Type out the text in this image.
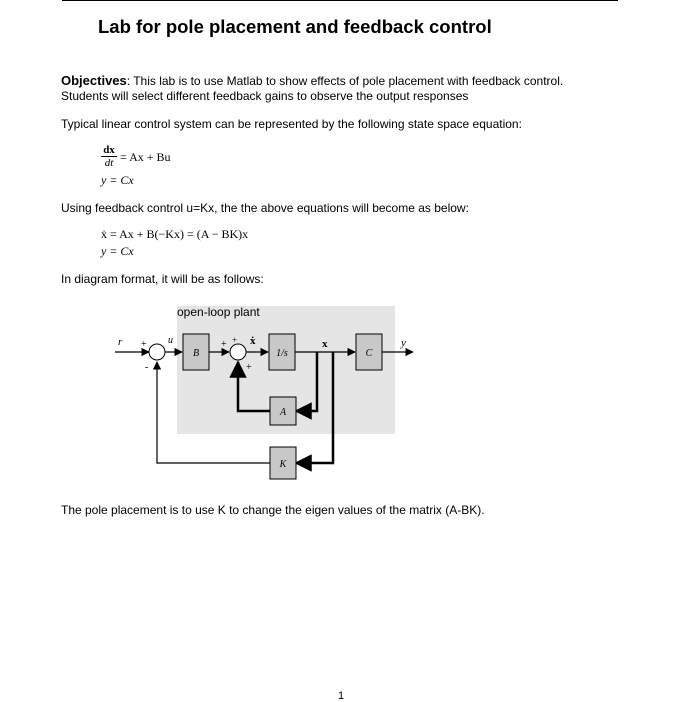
Lab for pole placement and feedback control
Objectives: This lab is to use Matlab to show effects of pole placement with feedback control.
Students will select different feedback gains to observe the output responses
Typical linear control system can be represented by the following state space equation:
$\frac{dx}{dt} = Ax + Bu$
y = Cx
Using feedback control u=Kx, the the above equations will become as below:
ẋ = Ax + B(−Kx) = (A − BK)x
y = Cx
In diagram format, it will be as follows:
open-loop plant
B	1/s	C
A
K
r	u	ẋ	x	y
+
-
+ +
+
The pole placement is to use K to change the eigen values of the matrix (A-BK).
1
